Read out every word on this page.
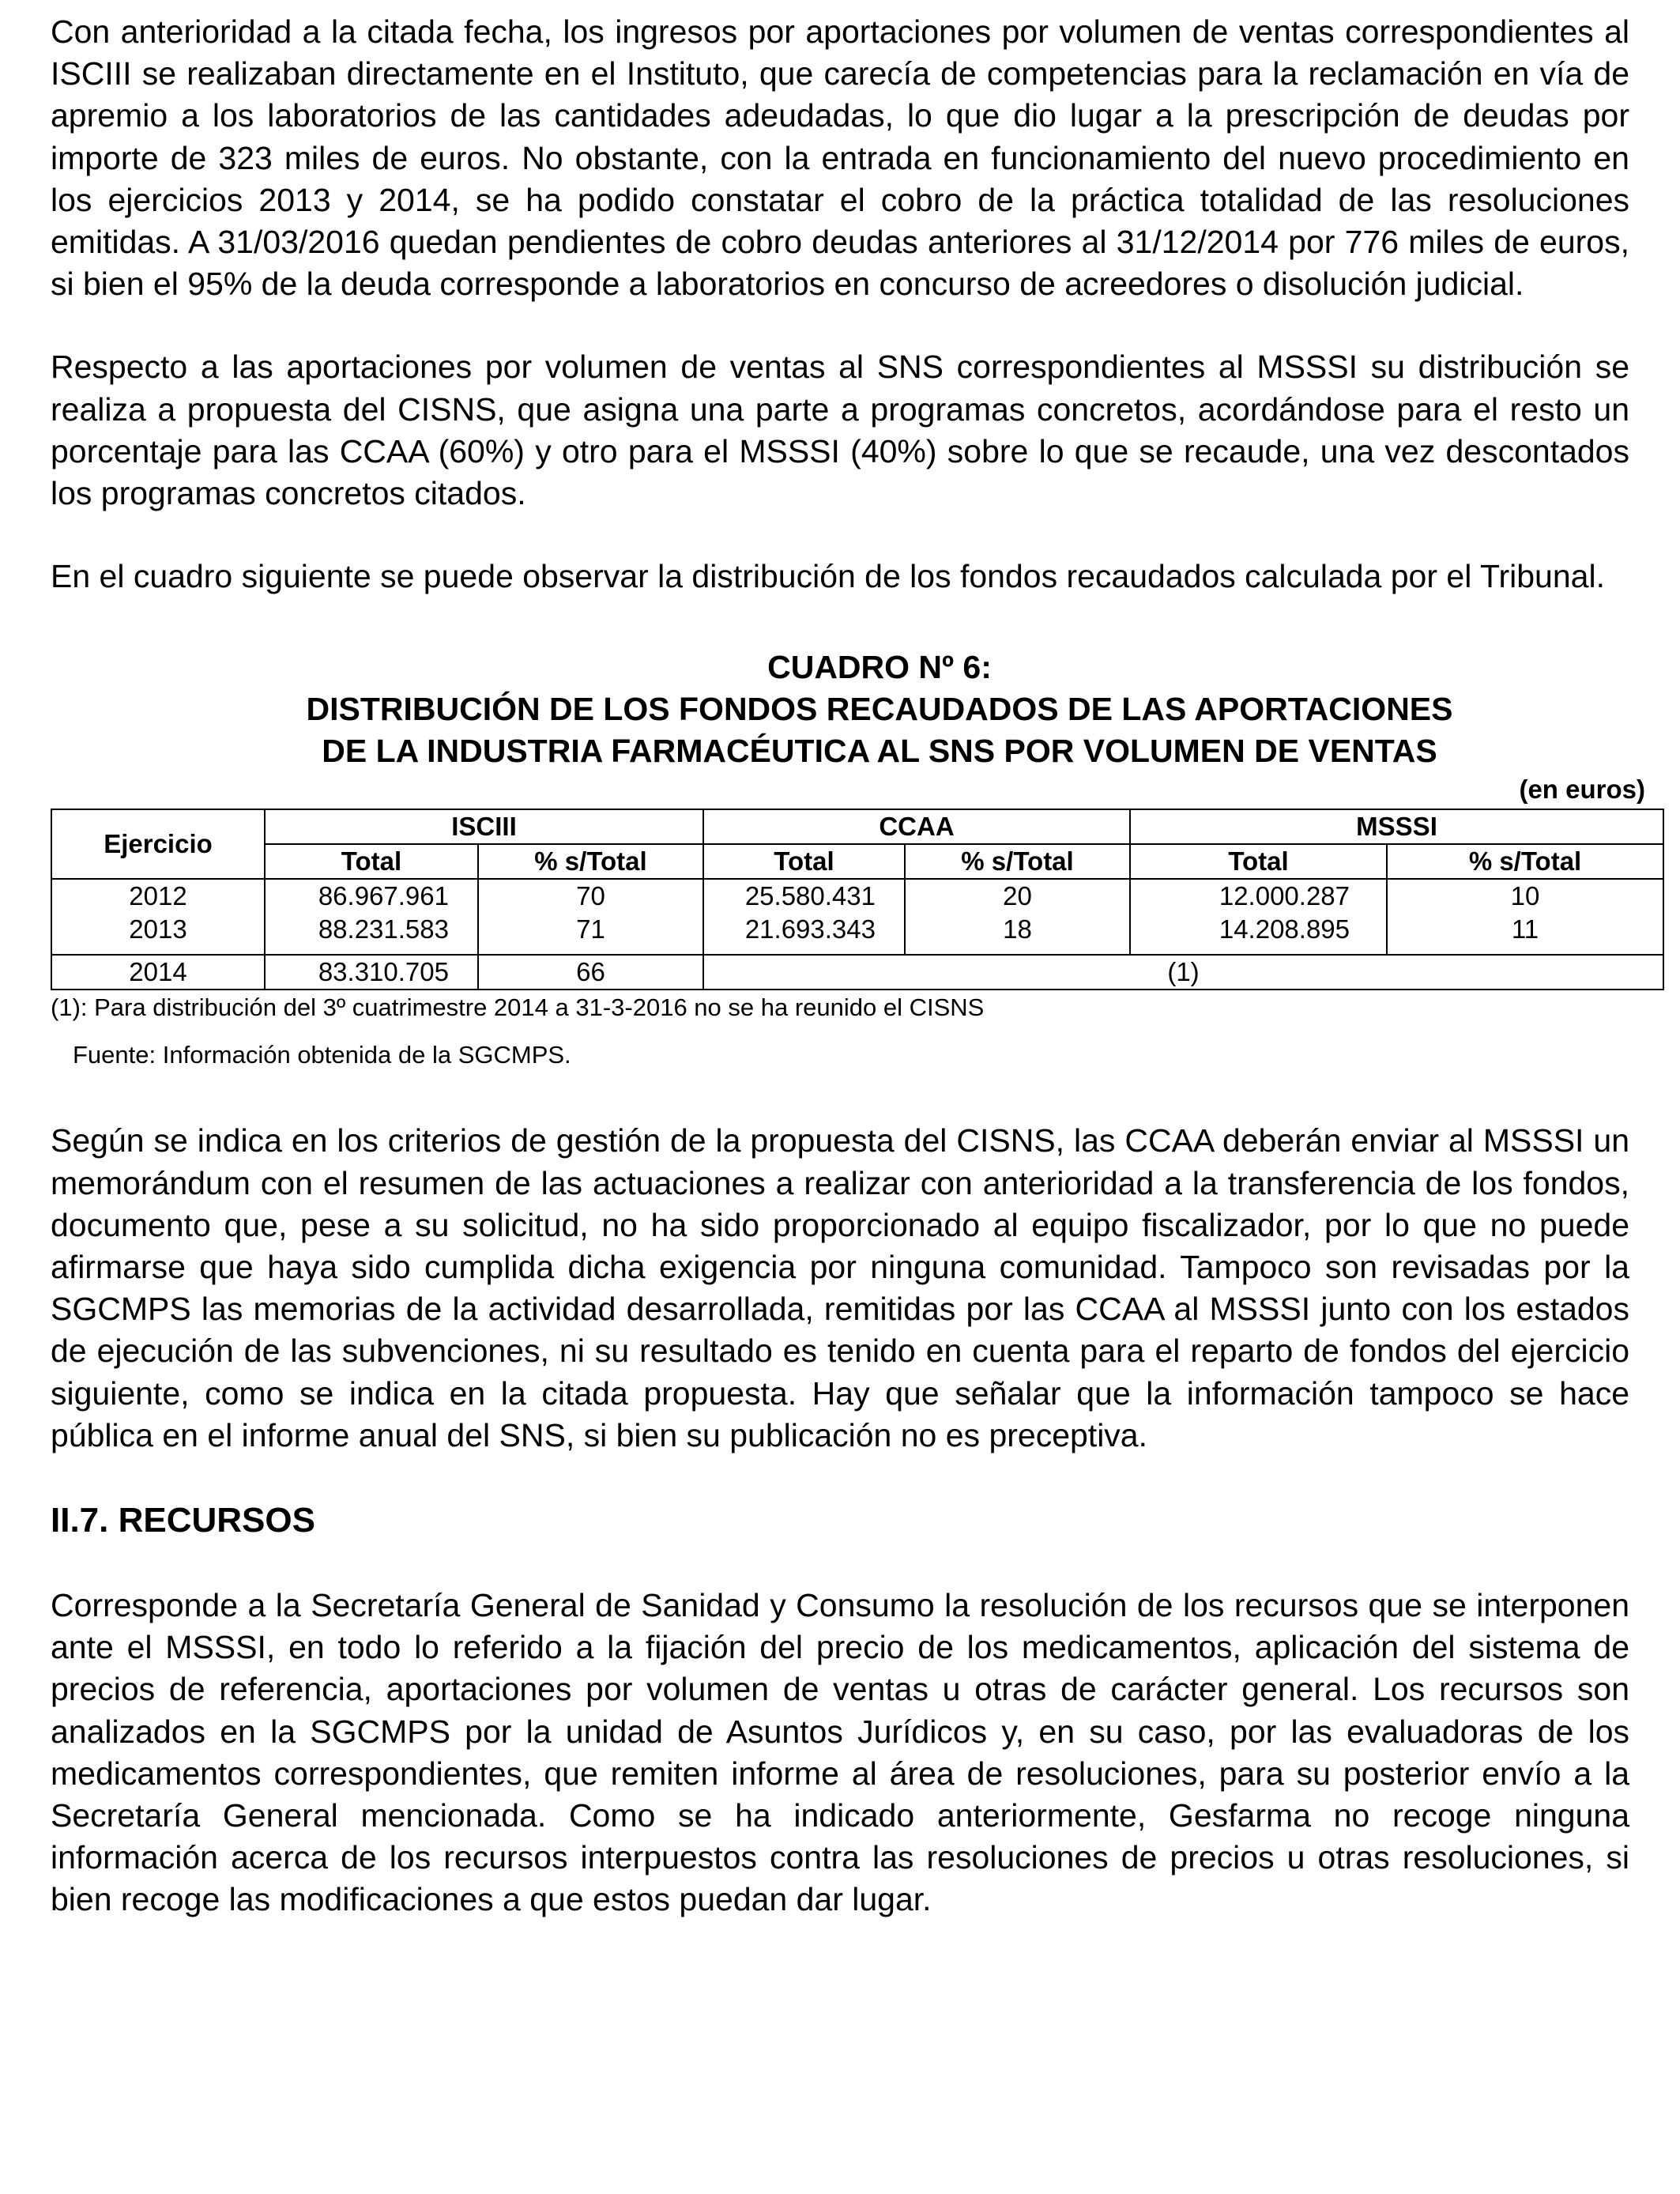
Con anterioridad a la citada fecha, los ingresos por aportaciones por volumen de ventas correspondientes al ISCIII se realizaban directamente en el Instituto, que carecía de competencias para la reclamación en vía de apremio a los laboratorios de las cantidades adeudadas, lo que dio lugar a la prescripción de deudas por importe de 323 miles de euros. No obstante, con la entrada en funcionamiento del nuevo procedimiento en los ejercicios 2013 y 2014, se ha podido constatar el cobro de la práctica totalidad de las resoluciones emitidas. A 31/03/2016 quedan pendientes de cobro deudas anteriores al 31/12/2014 por 776 miles de euros, si bien el 95% de la deuda corresponde a laboratorios en concurso de acreedores o disolución judicial.

Respecto a las aportaciones por volumen de ventas al SNS correspondientes al MSSSI su distribución se realiza a propuesta del CISNS, que asigna una parte a programas concretos, acordándose para el resto un porcentaje para las CCAA (60%) y otro para el MSSSI (40%) sobre lo que se recaude, una vez descontados los programas concretos citados.

En el cuadro siguiente se puede observar la distribución de los fondos recaudados calculada por el Tribunal.

CUADRO Nº 6:

DISTRIBUCIÓN DE LOS FONDOS RECAUDADOS DE LAS APORTACIONES

DE LA INDUSTRIA FARMACÉUTICA AL SNS POR VOLUMEN DE VENTAS

(en euros)
Ejercicio	ISCIII		CCAA		MSSSI	
	Total	% s/Total	Total	% s/Total	Total	% s/Total
2012	86.967.961	70	25.580.431	20	12.000.287	10
2013	88.231.583	71	21.693.343	18	14.208.895	11

2014	83.310.705	66	(1)			

(1): Para distribución del 3º cuatrimestre 2014 a 31-3-2016 no se ha reunido el CISNS

Fuente: Información obtenida de la SGCMPS.

Según se indica en los criterios de gestión de la propuesta del CISNS, las CCAA deberán enviar al MSSSI un memorándum con el resumen de las actuaciones a realizar con anterioridad a la transferencia de los fondos, documento que, pese a su solicitud, no ha sido proporcionado al equipo fiscalizador, por lo que no puede afirmarse que haya sido cumplida dicha exigencia por ninguna comunidad. Tampoco son revisadas por la SGCMPS las memorias de la actividad desarrollada, remitidas por las CCAA al MSSSI junto con los estados de ejecución de las subvenciones, ni su resultado es tenido en cuenta para el reparto de fondos del ejercicio siguiente, como se indica en la citada propuesta. Hay que señalar que la información tampoco se hace pública en el informe anual del SNS, si bien su publicación no es preceptiva.

II.7. RECURSOS

Corresponde a la Secretaría General de Sanidad y Consumo la resolución de los recursos que se interponen ante el MSSSI, en todo lo referido a la fijación del precio de los medicamentos, aplicación del sistema de precios de referencia, aportaciones por volumen de ventas u otras de carácter general. Los recursos son analizados en la SGCMPS por la unidad de Asuntos Jurídicos y, en su caso, por las evaluadoras de los medicamentos correspondientes, que remiten informe al área de resoluciones, para su posterior envío a la Secretaría General mencionada. Como se ha indicado anteriormente, Gesfarma no recoge ninguna información acerca de los recursos interpuestos contra las resoluciones de precios u otras resoluciones, si bien recoge las modificaciones a que estos puedan dar lugar.
